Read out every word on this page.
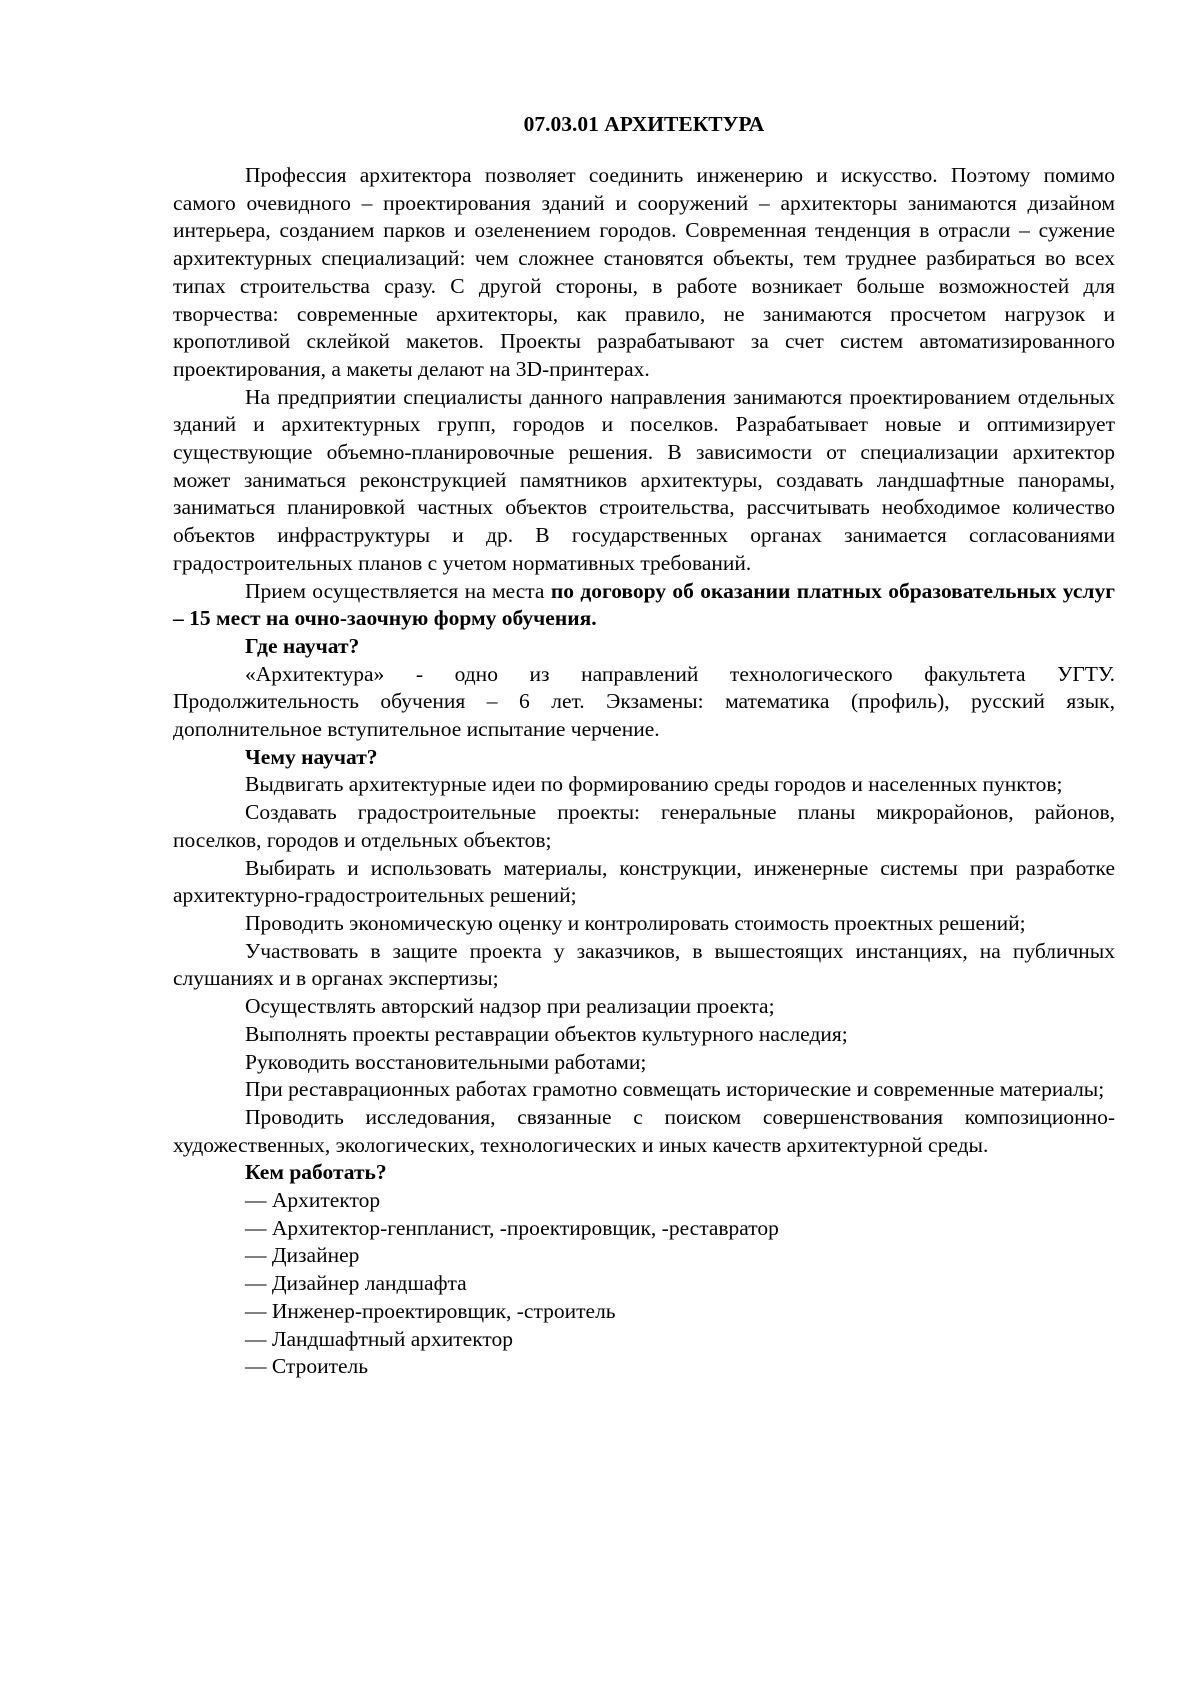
07.03.01 АРХИТЕКТУРА

Профессия архитектора позволяет соединить инженерию и искусство. Поэтому помимо самого очевидного – проектирования зданий и сооружений – архитекторы занимаются дизайном интерьера, созданием парков и озеленением городов. Современная тенденция в отрасли – сужение архитектурных специализаций: чем сложнее становятся объекты, тем труднее разбираться во всех типах строительства сразу. С другой стороны, в работе возникает больше возможностей для творчества: современные архитекторы, как правило, не занимаются просчетом нагрузок и кропотливой склейкой макетов. Проекты разрабатывают за счет систем автоматизированного проектирования, а макеты делают на 3D-принтерах.

На предприятии специалисты данного направления занимаются проектированием отдельных зданий и архитектурных групп, городов и поселков. Разрабатывает новые и оптимизирует существующие объемно-планировочные решения. В зависимости от специализации архитектор может заниматься реконструкцией памятников архитектуры, создавать ландшафтные панорамы, заниматься планировкой частных объектов строительства, рассчитывать необходимое количество объектов инфраструктуры и др. В государственных органах занимается согласованиями градостроительных планов с учетом нормативных требований.

Прием осуществляется на места по договору об оказании платных образовательных услуг – 15 мест на очно-заочную форму обучения.

Где научат?

«Архитектура» - одно из направлений технологического факультета УГТУ. Продолжительность обучения – 6 лет. Экзамены: математика (профиль), русский язык, дополнительное вступительное испытание черчение.

Чему научат?

Выдвигать архитектурные идеи по формированию среды городов и населенных пунктов;

Создавать градостроительные проекты: генеральные планы микрорайонов, районов, поселков, городов и отдельных объектов;

Выбирать и использовать материалы, конструкции, инженерные системы при разработке архитектурно-градостроительных решений;

Проводить экономическую оценку и контролировать стоимость проектных решений;

Участвовать в защите проекта у заказчиков, в вышестоящих инстанциях, на публичных слушаниях и в органах экспертизы;

Осуществлять авторский надзор при реализации проекта;

Выполнять проекты реставрации объектов культурного наследия;

Руководить восстановительными работами;

При реставрационных работах грамотно совмещать исторические и современные материалы;

Проводить исследования, связанные с поиском совершенствования композиционно-художественных, экологических, технологических и иных качеств архитектурной среды.

Кем работать?

— Архитектор

— Архитектор-генпланист, -проектировщик, -реставратор

— Дизайнер

— Дизайнер ландшафта

— Инженер-проектировщик, -строитель

— Ландшафтный архитектор

— Строитель
